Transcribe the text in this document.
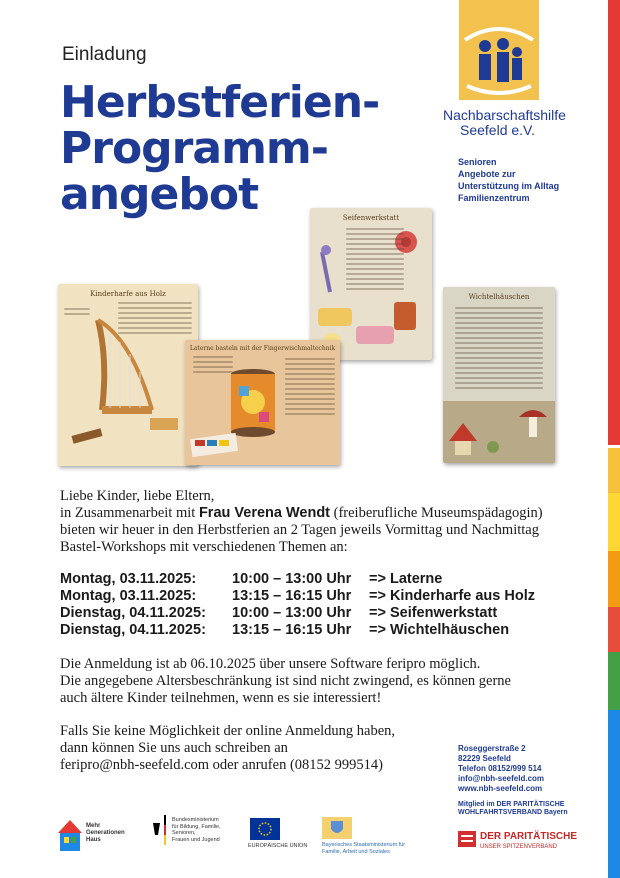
Einladung
Herbstferien-
Programm-
angebot
Nachbarschaftshilfe
Seefeld e.V.
Senioren
Angebote zur
Unterstützung im Alltag
Familienzentrum
Kinderharfe aus Holz
Seifenwerkstatt
Laterne basteln mit der Fingerwischmaltechnik
Wichtelhäuschen
Liebe Kinder, liebe Eltern,
in Zusammenarbeit mit Frau Verena Wendt (freiberufliche Museumspädagogin)
bieten wir heuer in den Herbstferien an 2 Tagen jeweils Vormittag und Nachmittag
Bastel-Workshops mit verschiedenen Themen an:
Montag, 03.11.2025: 10:00 – 13:00 Uhr => Laterne
Montag, 03.11.2025: 13:15 – 16:15 Uhr => Kinderharfe aus Holz
Dienstag, 04.11.2025: 10:00 – 13:00 Uhr => Seifenwerkstatt
Dienstag, 04.11.2025: 13:15 – 16:15 Uhr => Wichtelhäuschen
Die Anmeldung ist ab 06.10.2025 über unsere Software feripro möglich.
Die angegebene Altersbeschränkung ist sind nicht zwingend, es können gerne
auch ältere Kinder teilnehmen, wenn es sie interessiert!
Falls Sie keine Möglichkeit der online Anmeldung haben,
dann können Sie uns auch schreiben an
feripro@nbh-seefeld.com oder anrufen (08152 999514)
Roseggerstraße 2
82229 Seefeld
Telefon 08152/999 514
info@nbh-seefeld.com
www.nbh-seefeld.com
Mitglied im DER PARITÄTISCHE
WOHLFAHRTSVERBAND Bayern
DER PARITÄTISCHE
UNSER SPITZENVERBAND
Mehr
Generationen
Haus
Bundesministerium
für Bildung, Familie, Senioren,
Frauen und Jugend
EUROPÄISCHE UNION	Bayerisches Staatsministerium für
Familie, Arbeit und Soziales
